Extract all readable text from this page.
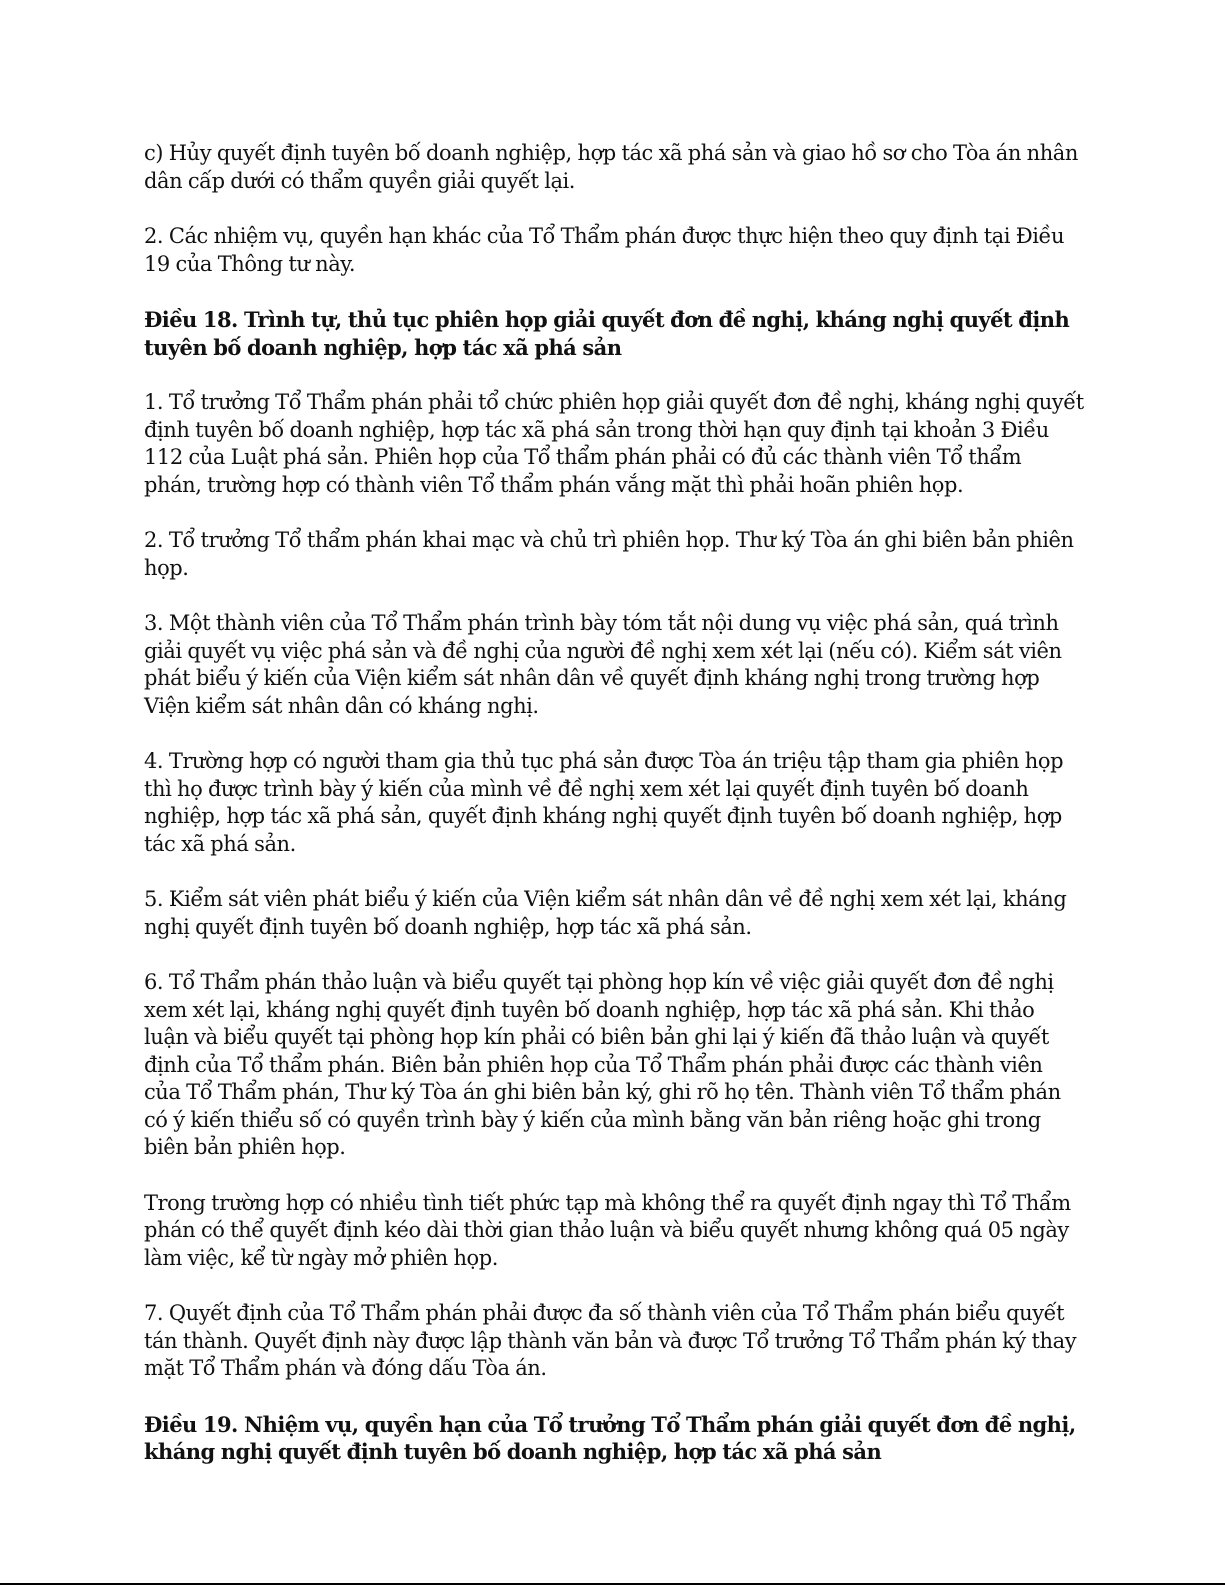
c) Hủy quyết định tuyên bố doanh nghiệp, hợp tác xã phá sản và giao hồ sơ cho Tòa án nhân dân cấp dưới có thẩm quyền giải quyết lại.

2. Các nhiệm vụ, quyền hạn khác của Tổ Thẩm phán được thực hiện theo quy định tại Điều 19 của Thông tư này.

Điều 18. Trình tự, thủ tục phiên họp giải quyết đơn đề nghị, kháng nghị quyết định tuyên bố doanh nghiệp, hợp tác xã phá sản

1. Tổ trưởng Tổ Thẩm phán phải tổ chức phiên họp giải quyết đơn đề nghị, kháng nghị quyết định tuyên bố doanh nghiệp, hợp tác xã phá sản trong thời hạn quy định tại khoản 3 Điều 112 của Luật phá sản. Phiên họp của Tổ thẩm phán phải có đủ các thành viên Tổ thẩm phán, trường hợp có thành viên Tổ thẩm phán vắng mặt thì phải hoãn phiên họp.

2. Tổ trưởng Tổ thẩm phán khai mạc và chủ trì phiên họp. Thư ký Tòa án ghi biên bản phiên họp.

3. Một thành viên của Tổ Thẩm phán trình bày tóm tắt nội dung vụ việc phá sản, quá trình giải quyết vụ việc phá sản và đề nghị của người đề nghị xem xét lại (nếu có). Kiểm sát viên phát biểu ý kiến của Viện kiểm sát nhân dân về quyết định kháng nghị trong trường hợp Viện kiểm sát nhân dân có kháng nghị.

4. Trường hợp có người tham gia thủ tục phá sản được Tòa án triệu tập tham gia phiên họp thì họ được trình bày ý kiến của mình về đề nghị xem xét lại quyết định tuyên bố doanh nghiệp, hợp tác xã phá sản, quyết định kháng nghị quyết định tuyên bố doanh nghiệp, hợp tác xã phá sản.

5. Kiểm sát viên phát biểu ý kiến của Viện kiểm sát nhân dân về đề nghị xem xét lại, kháng nghị quyết định tuyên bố doanh nghiệp, hợp tác xã phá sản.

6. Tổ Thẩm phán thảo luận và biểu quyết tại phòng họp kín về việc giải quyết đơn đề nghị xem xét lại, kháng nghị quyết định tuyên bố doanh nghiệp, hợp tác xã phá sản. Khi thảo luận và biểu quyết tại phòng họp kín phải có biên bản ghi lại ý kiến đã thảo luận và quyết định của Tổ thẩm phán. Biên bản phiên họp của Tổ Thẩm phán phải được các thành viên của Tổ Thẩm phán, Thư ký Tòa án ghi biên bản ký, ghi rõ họ tên. Thành viên Tổ thẩm phán có ý kiến thiểu số có quyền trình bày ý kiến của mình bằng văn bản riêng hoặc ghi trong biên bản phiên họp.

Trong trường hợp có nhiều tình tiết phức tạp mà không thể ra quyết định ngay thì Tổ Thẩm phán có thể quyết định kéo dài thời gian thảo luận và biểu quyết nhưng không quá 05 ngày làm việc, kể từ ngày mở phiên họp.

7. Quyết định của Tổ Thẩm phán phải được đa số thành viên của Tổ Thẩm phán biểu quyết tán thành. Quyết định này được lập thành văn bản và được Tổ trưởng Tổ Thẩm phán ký thay mặt Tổ Thẩm phán và đóng dấu Tòa án.

Điều 19. Nhiệm vụ, quyền hạn của Tổ trưởng Tổ Thẩm phán giải quyết đơn đề nghị, kháng nghị quyết định tuyên bố doanh nghiệp, hợp tác xã phá sản
